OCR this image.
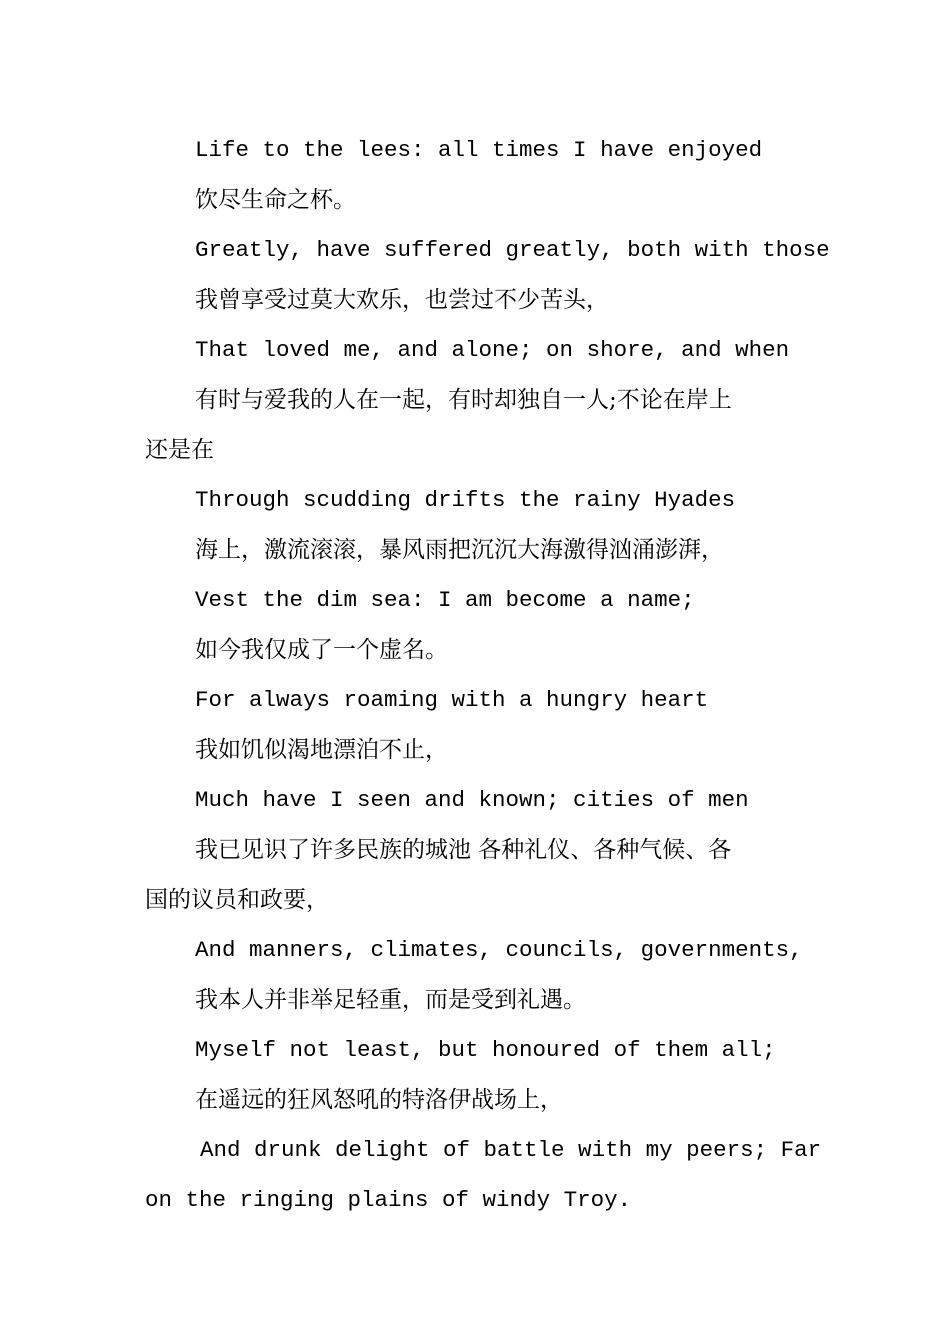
Life to the lees: all times I have enjoyed

饮尽生命之杯。

Greatly, have suffered greatly, both with those

我曾享受过莫大欢乐，也尝过不少苦头，

That loved me, and alone; on shore, and when

有时与爱我的人在一起，有时却独自一人;不论在岸上

还是在

Through scudding drifts the rainy Hyades

海上，激流滚滚，暴风雨把沉沉大海激得汹涌澎湃，

Vest the dim sea: I am become a name;

如今我仅成了一个虚名。

For always roaming with a hungry heart

我如饥似渴地漂泊不止，

Much have I seen and known; cities of men

我已见识了许多民族的城池 各种礼仪、各种气候、各

国的议员和政要，

And manners, climates, councils, governments,

我本人并非举足轻重，而是受到礼遇。

Myself not least, but honoured of them all;

在遥远的狂风怒吼的特洛伊战场上，

And drunk delight of battle with my peers; Far

on the ringing plains of windy Troy.
